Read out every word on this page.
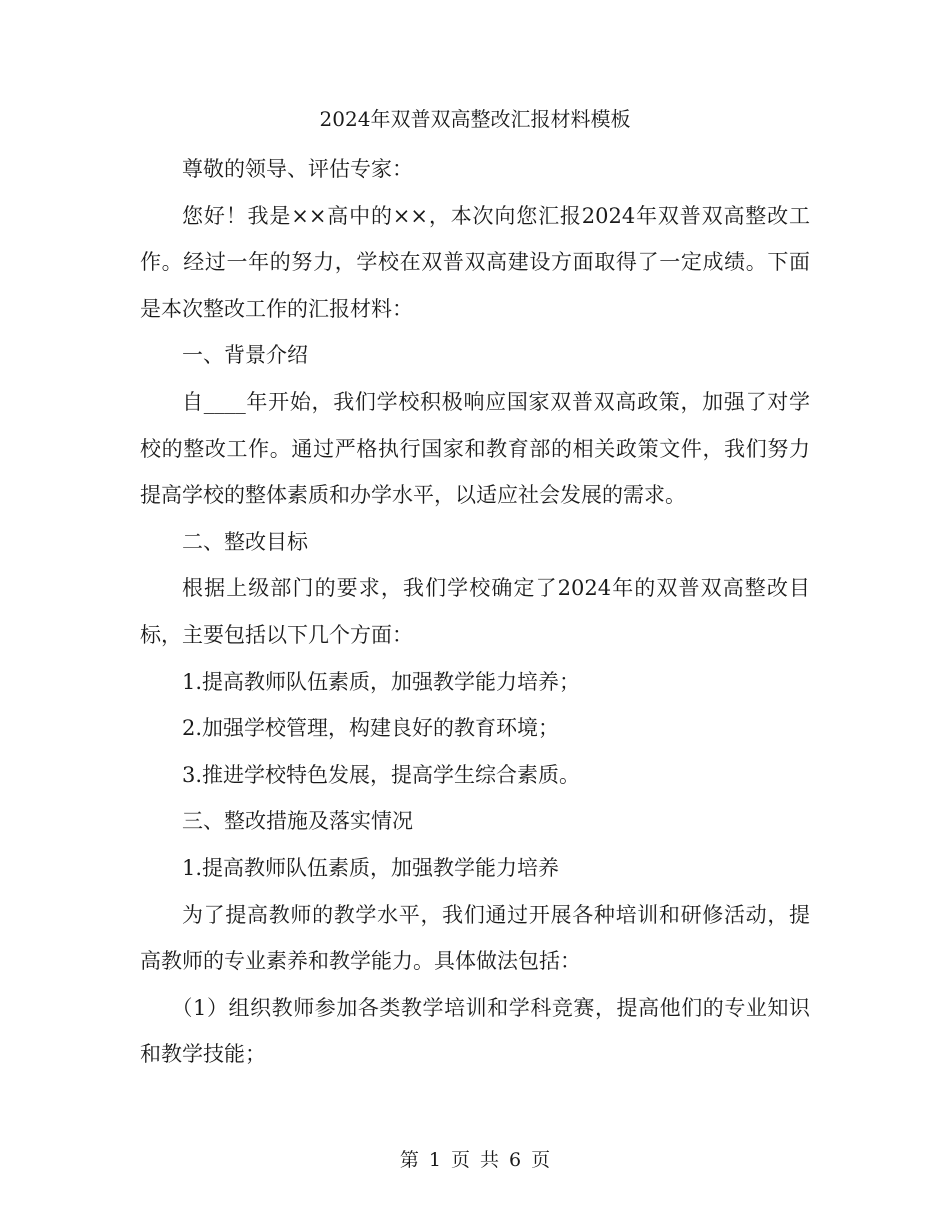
2024年双普双高整改汇报材料模板

尊敬的领导、评估专家：

您好！我是××高中的××，本次向您汇报2024年双普双高整改工作。经过一年的努力，学校在双普双高建设方面取得了一定成绩。下面是本次整改工作的汇报材料：

一、背景介绍

自____年开始，我们学校积极响应国家双普双高政策，加强了对学校的整改工作。通过严格执行国家和教育部的相关政策文件，我们努力提高学校的整体素质和办学水平，以适应社会发展的需求。

二、整改目标

根据上级部门的要求，我们学校确定了2024年的双普双高整改目标，主要包括以下几个方面：

1.提高教师队伍素质，加强教学能力培养；

2.加强学校管理，构建良好的教育环境；

3.推进学校特色发展，提高学生综合素质。

三、整改措施及落实情况

1.提高教师队伍素质，加强教学能力培养

为了提高教师的教学水平，我们通过开展各种培训和研修活动，提高教师的专业素养和教学能力。具体做法包括：

（1）组织教师参加各类教学培训和学科竞赛，提高他们的专业知识和教学技能；

第 1 页 共 6 页
